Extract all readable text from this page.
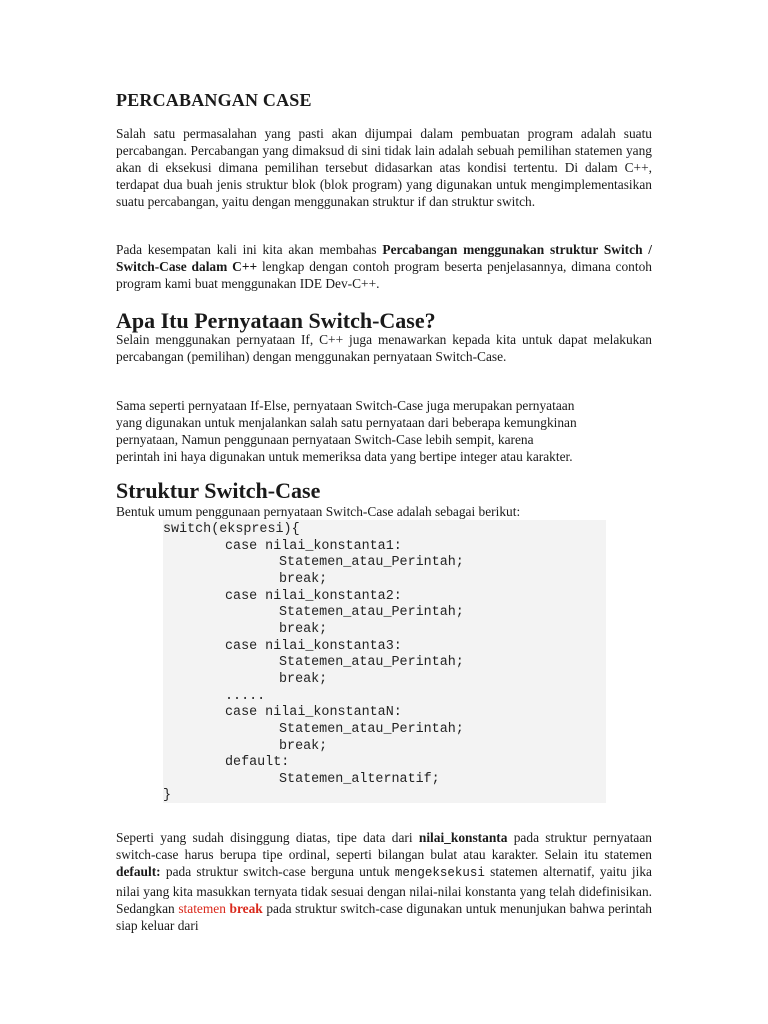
PERCABANGAN CASE

Salah satu permasalahan yang pasti akan dijumpai dalam pembuatan program adalah suatu percabangan. Percabangan yang dimaksud di sini tidak lain adalah sebuah pemilihan statemen yang akan di eksekusi dimana pemilihan tersebut didasarkan atas kondisi tertentu. Di dalam C++, terdapat dua buah jenis struktur blok (blok program) yang digunakan untuk mengimplementasikan suatu percabangan, yaitu dengan menggunakan struktur if dan struktur switch.

Pada kesempatan kali ini kita akan membahas Percabangan menggunakan struktur Switch / Switch-Case dalam C++ lengkap dengan contoh program beserta penjelasannya, dimana contoh program kami buat menggunakan IDE Dev-C++.

Apa Itu Pernyataan Switch-Case?

Selain menggunakan pernyataan If, C++ juga menawarkan kepada kita untuk dapat melakukan percabangan (pemilihan) dengan menggunakan pernyataan Switch-Case.

Sama seperti pernyataan If-Else, pernyataan Switch-Case juga merupakan pernyataan
yang digunakan untuk menjalankan salah satu pernyataan dari beberapa kemungkinan
pernyataan, Namun penggunaan pernyataan Switch-Case lebih sempit, karena
perintah ini haya digunakan untuk memeriksa data yang bertipe integer atau karakter.
Struktur Switch-Case

Bentuk umum penggunaan pernyataan Switch-Case adalah sebagai berikut:

switch(ekspresi){
case nilai_konstanta1:
Statemen_atau_Perintah;
break;
case nilai_konstanta2:
Statemen_atau_Perintah;
break;
case nilai_konstanta3:
Statemen_atau_Perintah;
break;
.....
case nilai_konstantaN:
Statemen_atau_Perintah;
break;
default:
Statemen_alternatif;
}

Seperti yang sudah disinggung diatas, tipe data dari nilai_konstanta pada struktur pernyataan switch-case harus berupa tipe ordinal, seperti bilangan bulat atau karakter. Selain itu statemen default: pada struktur switch-case berguna untuk mengeksekusi statemen alternatif, yaitu jika nilai yang kita masukkan ternyata tidak sesuai dengan nilai-nilai konstanta yang telah didefinisikan. Sedangkan statemen break pada struktur switch-case digunakan untuk menunjukan bahwa perintah siap keluar dari
